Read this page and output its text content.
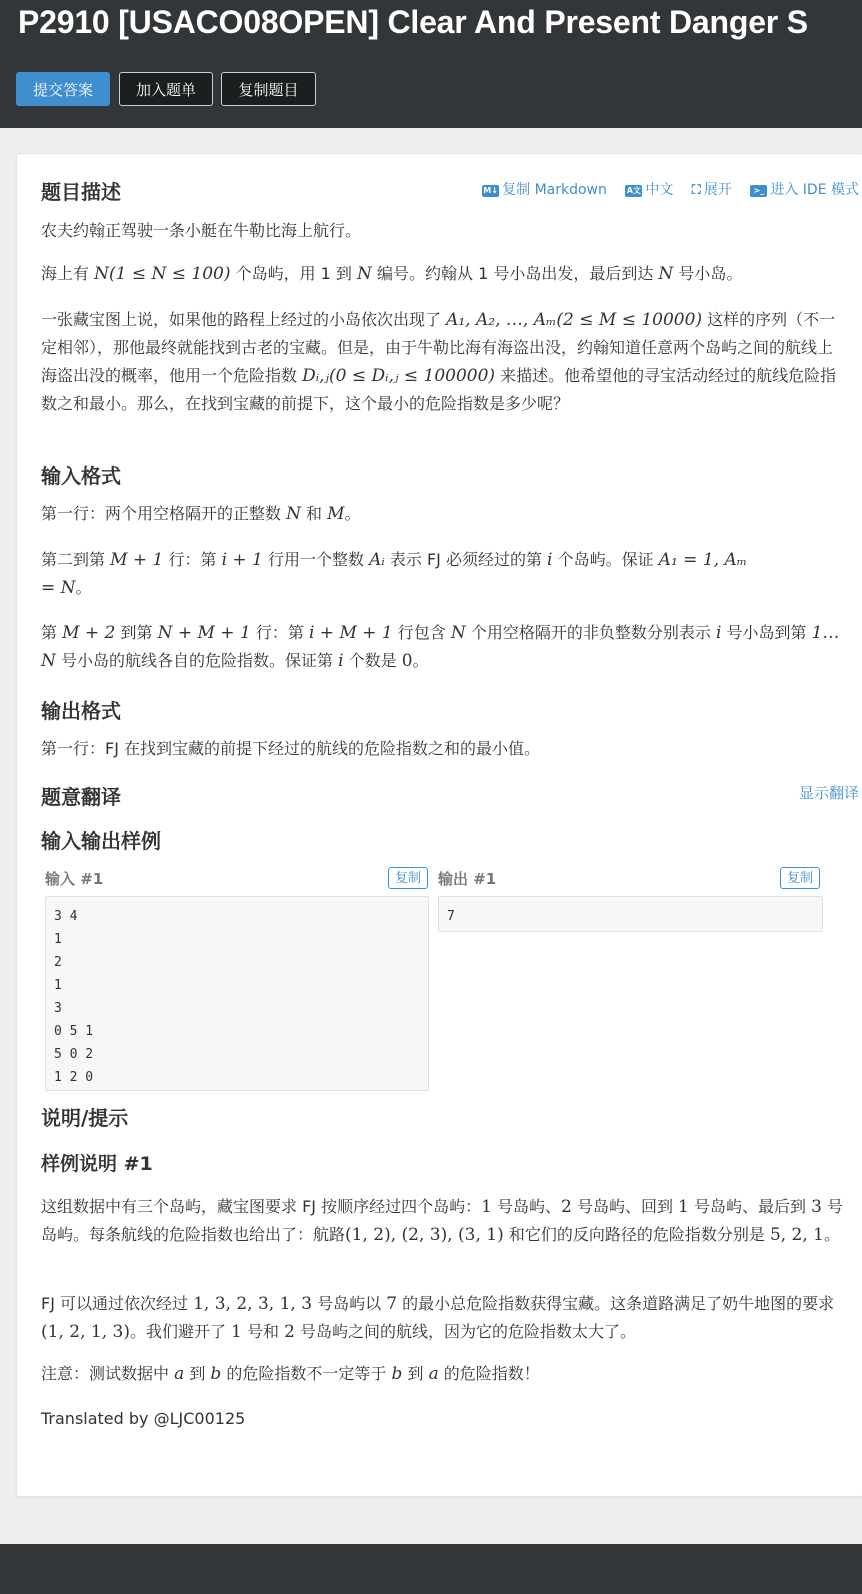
P2910 [USACO08OPEN] Clear And Present Danger S
提交答案	加入题单	复制题目
题目描述	M↓ 复制 Markdown A文 中文 ⛶ 展开	>_ 进入 IDE 模式
农夫约翰正驾驶一条小艇在牛勒比海上航行。
海上有 N(1 ≤ N ≤ 100) 个岛屿，用 1 到 N 编号。约翰从 1 号小岛出发，最后到达 N 号小岛。
一张藏宝图上说，如果他的路程上经过的小岛依次出现了 A₁, A₂, …, Aₘ(2 ≤ M ≤ 10000) 这样的序列（不一定相邻），那他最终就能找到古老的宝藏。但是，由于牛勒比海有海盗出没，约翰知道任意两个岛屿之间的航线上海盗出没的概率，他用一个危险指数 Dᵢ,ⱼ(0 ≤ Dᵢ,ⱼ ≤ 100000) 来描述。他希望他的寻宝活动经过的航线危险指数之和最小。那么，在找到宝藏的前提下，这个最小的危险指数是多少呢？
输入格式
第一行：两个用空格隔开的正整数 N 和 M。
第二到第 M + 1 行：第 i + 1 行用一个整数 Aᵢ 表示 FJ 必须经过的第 i 个岛屿。保证 A₁ = 1, Aₘ = N。
第 M + 2 到第 N + M + 1 行：第 i + M + 1 行包含 N 个用空格隔开的非负整数分别表示 i 号小岛到第 1…N 号小岛的航线各自的危险指数。保证第 i 个数是 0。
输出格式
第一行：FJ 在找到宝藏的前提下经过的航线的危险指数之和的最小值。
题意翻译	显示翻译
输入输出样例
输入 #1	复制
3 4
1
2
1
3
0 5 1
5 0 2
1 2 0
输出 #1	复制
7
说明/提示
样例说明 #1
这组数据中有三个岛屿，藏宝图要求 FJ 按顺序经过四个岛屿：1 号岛屿、2 号岛屿、回到 1 号岛屿、最后到 3 号岛屿。每条航线的危险指数也给出了：航路(1, 2), (2, 3), (3, 1) 和它们的反向路径的危险指数分别是 5, 2, 1。
FJ 可以通过依次经过 1, 3, 2, 3, 1, 3 号岛屿以 7 的最小总危险指数获得宝藏。这条道路满足了奶牛地图的要求 (1, 2, 1, 3)。我们避开了 1 号和 2 号岛屿之间的航线，因为它的危险指数太大了。
注意：测试数据中 a 到 b 的危险指数不一定等于 b 到 a 的危险指数！
Translated by @LJC00125
